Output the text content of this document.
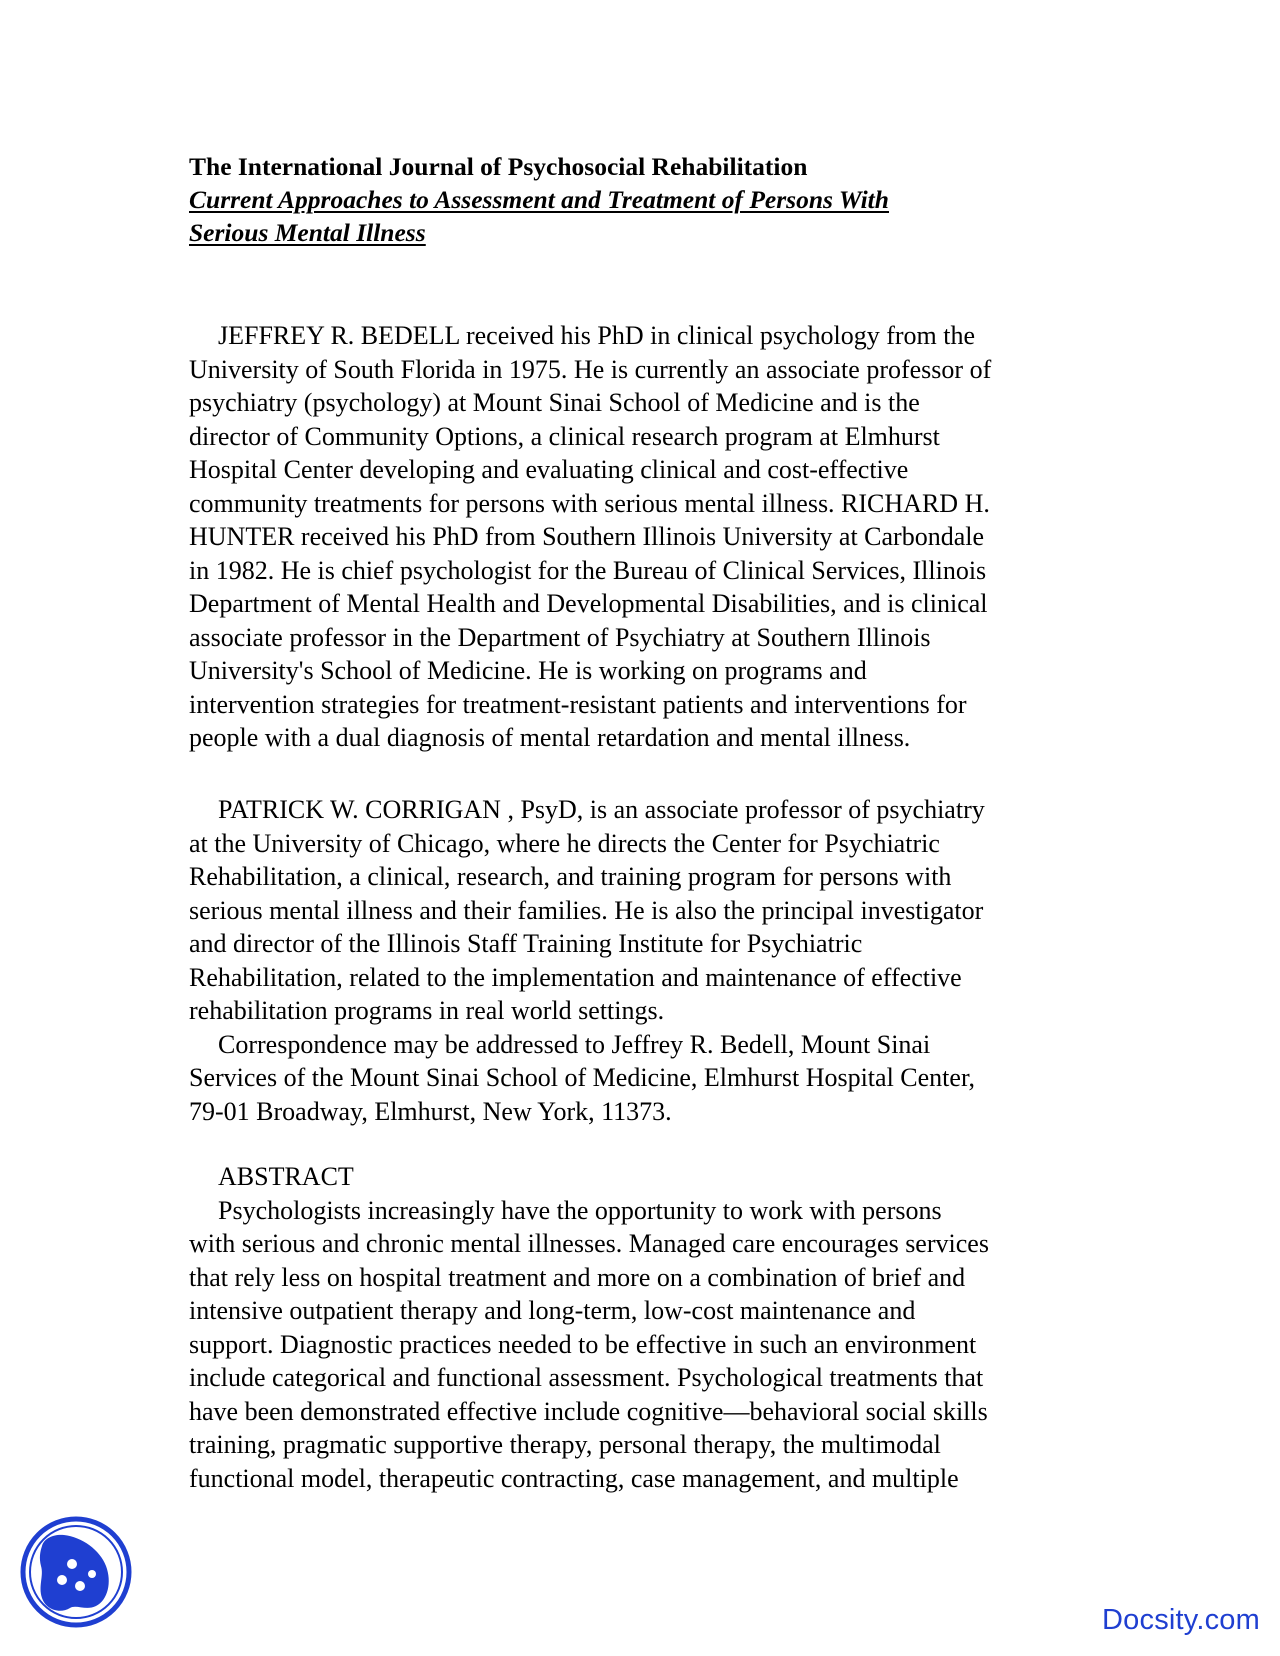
The International Journal of Psychosocial Rehabilitation

Current Approaches to Assessment and Treatment of Persons With
Serious Mental Illness

JEFFREY R. BEDELL received his PhD in clinical psychology from the
University of South Florida in 1975. He is currently an associate professor of
psychiatry (psychology) at Mount Sinai School of Medicine and is the
director of Community Options, a clinical research program at Elmhurst
Hospital Center developing and evaluating clinical and cost-effective
community treatments for persons with serious mental illness. RICHARD H.
HUNTER received his PhD from Southern Illinois University at Carbondale
in 1982. He is chief psychologist for the Bureau of Clinical Services, Illinois
Department of Mental Health and Developmental Disabilities, and is clinical
associate professor in the Department of Psychiatry at Southern Illinois
University's School of Medicine. He is working on programs and
intervention strategies for treatment-resistant patients and interventions for
people with a dual diagnosis of mental retardation and mental illness.
PATRICK W. CORRIGAN , PsyD, is an associate professor of psychiatry
at the University of Chicago, where he directs the Center for Psychiatric
Rehabilitation, a clinical, research, and training program for persons with
serious mental illness and their families. He is also the principal investigator
and director of the Illinois Staff Training Institute for Psychiatric
Rehabilitation, related to the implementation and maintenance of effective
rehabilitation programs in real world settings.
Correspondence may be addressed to Jeffrey R. Bedell, Mount Sinai
Services of the Mount Sinai School of Medicine, Elmhurst Hospital Center,
79-01 Broadway, Elmhurst, New York, 11373.
ABSTRACT
Psychologists increasingly have the opportunity to work with persons
with serious and chronic mental illnesses. Managed care encourages services
that rely less on hospital treatment and more on a combination of brief and
intensive outpatient therapy and long-term, low-cost maintenance and
support. Diagnostic practices needed to be effective in such an environment
include categorical and functional assessment. Psychological treatments that
have been demonstrated effective include cognitive—behavioral social skills
training, pragmatic supportive therapy, personal therapy, the multimodal
functional model, therapeutic contracting, case management, and multiple
Docsity.com
